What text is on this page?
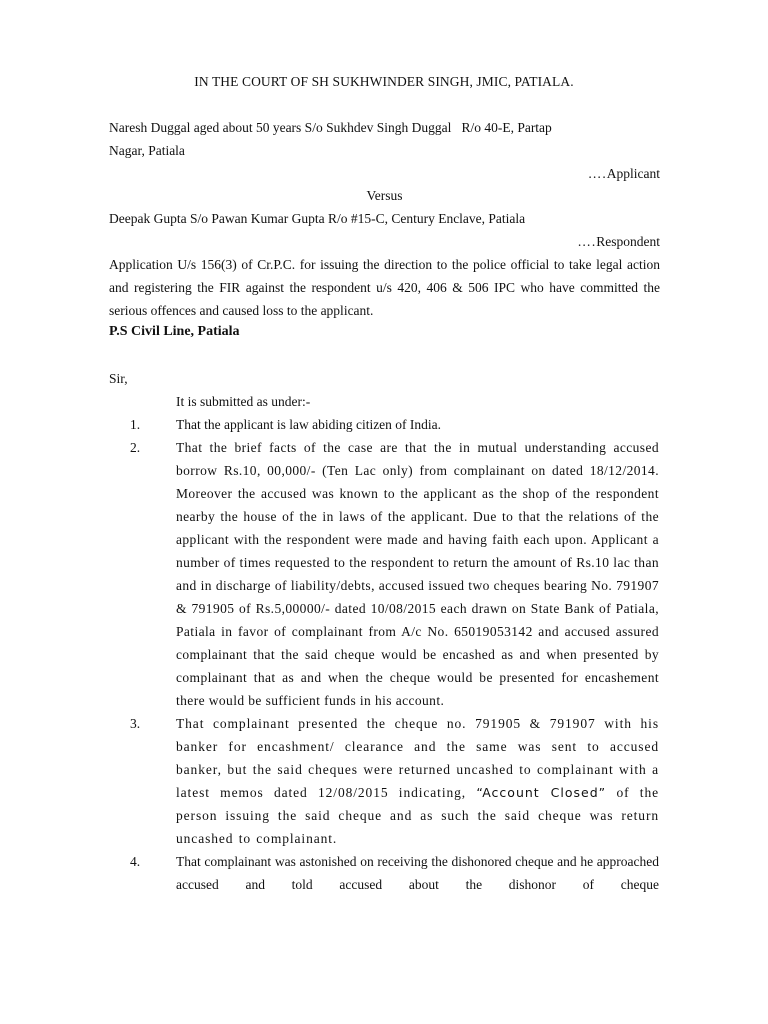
IN THE COURT OF SH SUKHWINDER SINGH, JMIC, PATIALA.
Naresh Duggal aged about 50 years S/o Sukhdev Singh Duggal   R/o 40-E, Partap
Nagar, Patiala
….Applicant
Versus
Deepak Gupta S/o Pawan Kumar Gupta R/o #15-C, Century Enclave, Patiala
….Respondent
Application U/s 156(3) of Cr.P.C. for issuing the direction to the police official to take legal action and registering the FIR against the respondent u/s 420, 406 & 506 IPC who have committed the serious offences and caused loss to the applicant.
P.S Civil Line, Patiala
Sir,
It is submitted as under:-
1.	That the applicant is law abiding citizen of India.
2.	That the brief facts of the case are that the in mutual understanding accused borrow Rs.10, 00,000/- (Ten Lac only) from complainant on dated 18/12/2014. Moreover the accused was known to the applicant as the shop of the respondent nearby the house of the in laws of the applicant. Due to that the relations of the applicant with the respondent were made and having faith each upon. Applicant a number of times requested to the respondent to return the amount of Rs.10 lac than and in discharge of liability/debts, accused issued two cheques bearing No. 791907 & 791905 of Rs.5,00000/- dated 10/08/2015 each drawn on State Bank of Patiala, Patiala in favor of complainant from A/c No. 65019053142 and accused assured complainant that the said cheque would be encashed as and when presented by complainant that as and when the cheque would be presented for encashement there would be sufficient funds in his account.
3.	That complainant presented the cheque no. 791905 & 791907 with his banker for encashment/ clearance and the same was sent to accused banker, but the said cheques were returned uncashed to complainant with a latest memos dated 12/08/2015 indicating, “Account Closed” of the person issuing the said cheque and as such the said cheque was return uncashed to complainant.
4.	That complainant was astonished on receiving the dishonored cheque and he approached accused and told accused about the dishonor of cheque
